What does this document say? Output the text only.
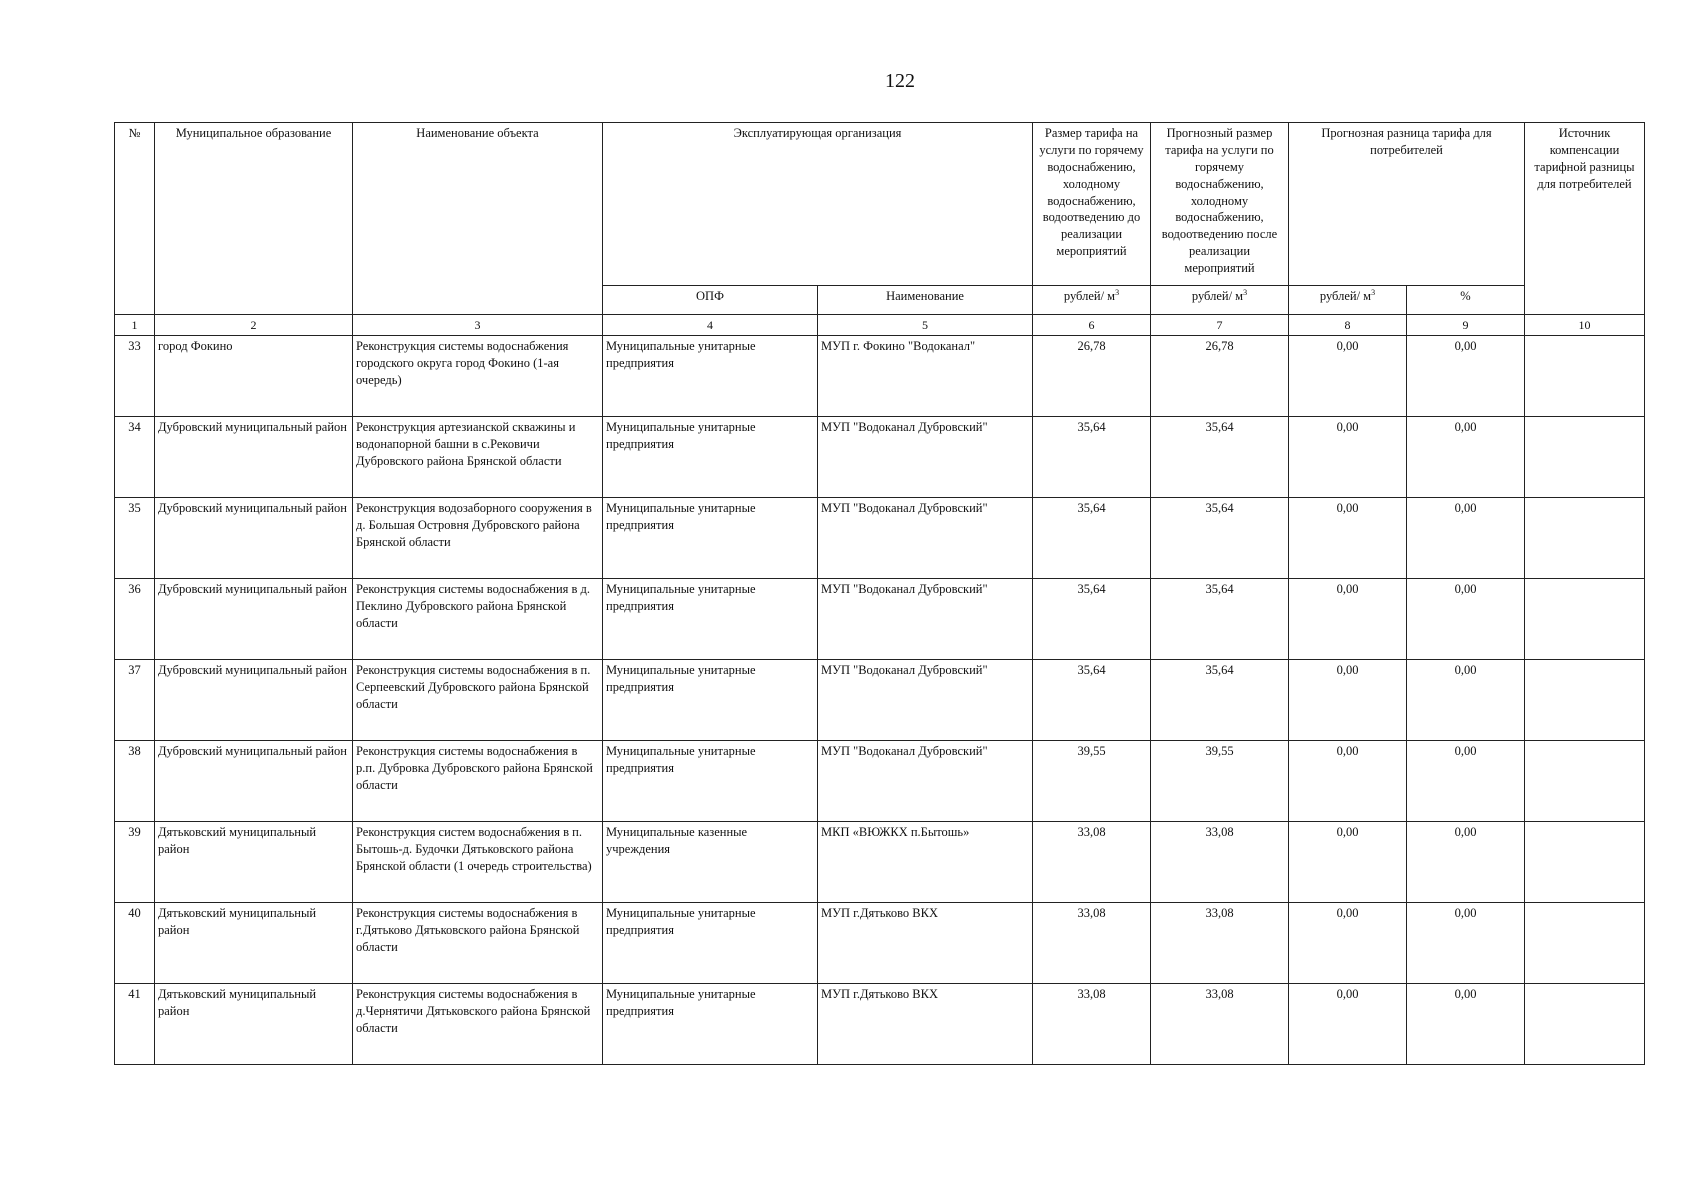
122
№	Муниципальное образование	Наименование объекта	Эксплуатирующая организация		Размер тарифа на услуги по горячему водоснабжению, холодному водоснабжению, водоотведению до реализации мероприятий	Прогнозный размер тарифа на услуги по горячему водоснабжению, холодному водоснабжению, водоотведению после реализации мероприятий	Прогнозная разница тарифа для потребителей		Источник компенсации тарифной разницы для потребителей
			ОПФ	Наименование	рублей/ $м^3$	рублей/ $м^3$	рублей/ $м^3$	%	
1	2	3	4	5	6	7	8	9	10
33	город Фокино	Реконструкция системы водоснабжения городского округа город Фокино (1-ая очередь)	Муниципальные унитарные предприятия	МУП г. Фокино "Водоканал"	26,78	26,78	0,00	0,00	
34	Дубровский муниципальный район	Реконструкция артезианской скважины и водонапорной башни в с.Рековичи Дубровского района Брянской области	Муниципальные унитарные предприятия	МУП "Водоканал Дубровский"	35,64	35,64	0,00	0,00	
35	Дубровский муниципальный район	Реконструкция водозаборного сооружения в д. Большая Островня Дубровского района Брянской области	Муниципальные унитарные предприятия	МУП "Водоканал Дубровский"	35,64	35,64	0,00	0,00	
36	Дубровский муниципальный район	Реконструкция системы водоснабжения в д. Пеклино Дубровского района Брянской области	Муниципальные унитарные предприятия	МУП "Водоканал Дубровский"	35,64	35,64	0,00	0,00	
37	Дубровский муниципальный район	Реконструкция системы водоснабжения в п. Серпеевский Дубровского района Брянской области	Муниципальные унитарные предприятия	МУП "Водоканал Дубровский"	35,64	35,64	0,00	0,00	
38	Дубровский муниципальный район	Реконструкция системы водоснабжения в р.п. Дубровка Дубровского района Брянской области	Муниципальные унитарные предприятия	МУП "Водоканал Дубровский"	39,55	39,55	0,00	0,00	
39	Дятьковский муниципальный район	Реконструкция систем водоснабжения в п. Бытошь-д. Будочки Дятьковского района Брянской области (1 очередь строительства)	Муниципальные казенные учреждения	МКП «ВЮЖКХ п.Бытошь»	33,08	33,08	0,00	0,00	
40	Дятьковский муниципальный район	Реконструкция системы водоснабжения в г.Дятьково Дятьковского района Брянской области	Муниципальные унитарные предприятия	МУП г.Дятьково ВКХ	33,08	33,08	0,00	0,00	
41	Дятьковский муниципальный район	Реконструкция системы водоснабжения в д.Чернятичи Дятьковского района Брянской области	Муниципальные унитарные предприятия	МУП г.Дятьково ВКХ	33,08	33,08	0,00	0,00	
